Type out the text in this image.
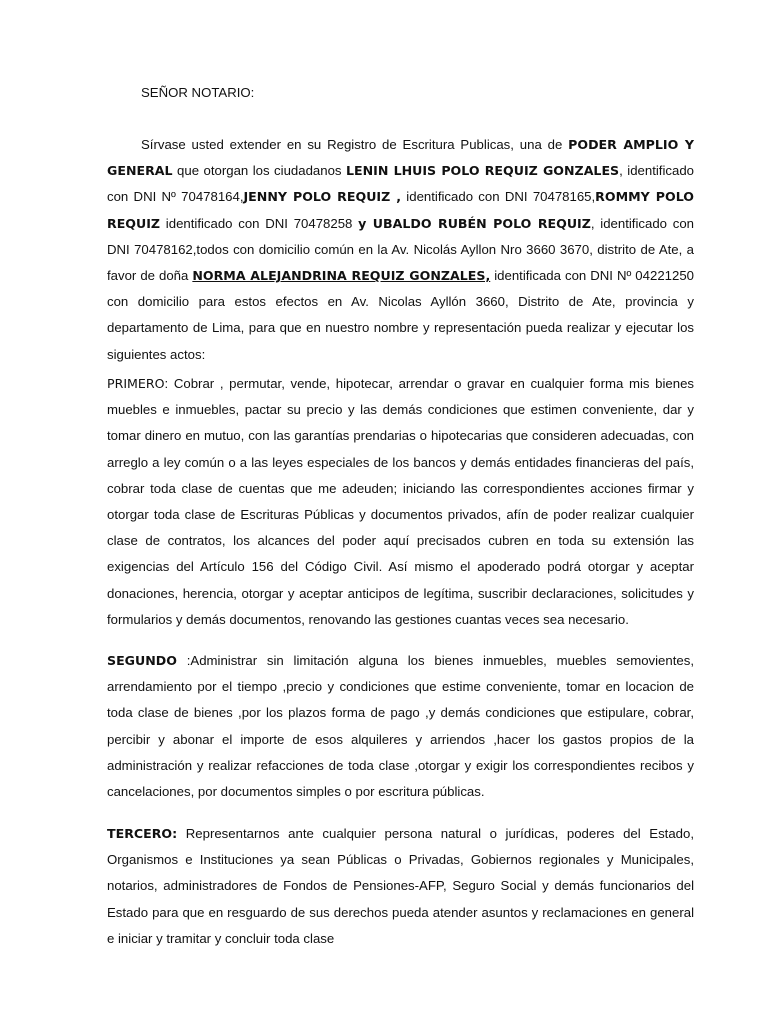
SEÑOR NOTARIO:

Sírvase usted extender en su Registro de Escritura Publicas, una de PODER AMPLIO Y GENERAL que otorgan los ciudadanos LENIN LHUIS POLO REQUIZ GONZALES, identificado con DNI Nº 70478164,JENNY POLO REQUIZ , identificado con DNI 70478165,ROMMY POLO REQUIZ identificado con DNI 70478258 y UBALDO RUBÉN POLO REQUIZ, identificado con DNI 70478162,todos con domicilio común en la Av. Nicolás Ayllon Nro 3660 3670, distrito de Ate, a favor de doña NORMA ALEJANDRINA REQUIZ GONZALES, identificada con DNI Nº 04221250 con domicilio para estos efectos en Av. Nicolas Ayllón 3660, Distrito de Ate, provincia y departamento de Lima, para que en nuestro nombre y representación pueda realizar y ejecutar los siguientes actos:

PRIMERO: Cobrar , permutar, vende, hipotecar, arrendar o gravar en cualquier forma mis bienes muebles e inmuebles, pactar su precio y las demás condiciones que estimen conveniente, dar y tomar dinero en mutuo, con las garantías prendarias o hipotecarias que consideren adecuadas, con arreglo a ley común o a las leyes especiales de los bancos y demás entidades financieras del país, cobrar toda clase de cuentas que me adeuden; iniciando las correspondientes acciones firmar y otorgar toda clase de Escrituras Públicas y documentos privados, afín de poder realizar cualquier clase de contratos, los alcances del poder aquí precisados cubren en toda su extensión las exigencias del Artículo 156 del Código Civil. Así mismo el apoderado podrá otorgar y aceptar donaciones, herencia, otorgar y aceptar anticipos de legítima, suscribir declaraciones, solicitudes y formularios y demás documentos, renovando las gestiones cuantas veces sea necesario.

SEGUNDO :Administrar sin limitación alguna los bienes inmuebles, muebles semovientes, arrendamiento por el tiempo ,precio y condiciones que estime conveniente, tomar en locacion de toda clase de bienes ,por los plazos forma de pago ,y demás condiciones que estipulare, cobrar, percibir y abonar el importe de esos alquileres y arriendos ,hacer los gastos propios de la administración y realizar refacciones de toda clase ,otorgar y exigir los correspondientes recibos y cancelaciones, por documentos simples o por escritura públicas.

TERCERO: Representarnos ante cualquier persona natural o jurídicas, poderes del Estado, Organismos e Instituciones ya sean Públicas o Privadas, Gobiernos regionales y Municipales, notarios, administradores de Fondos de Pensiones-AFP, Seguro Social y demás funcionarios del Estado para que en resguardo de sus derechos pueda atender asuntos y reclamaciones en general e iniciar y tramitar y concluir toda clase
